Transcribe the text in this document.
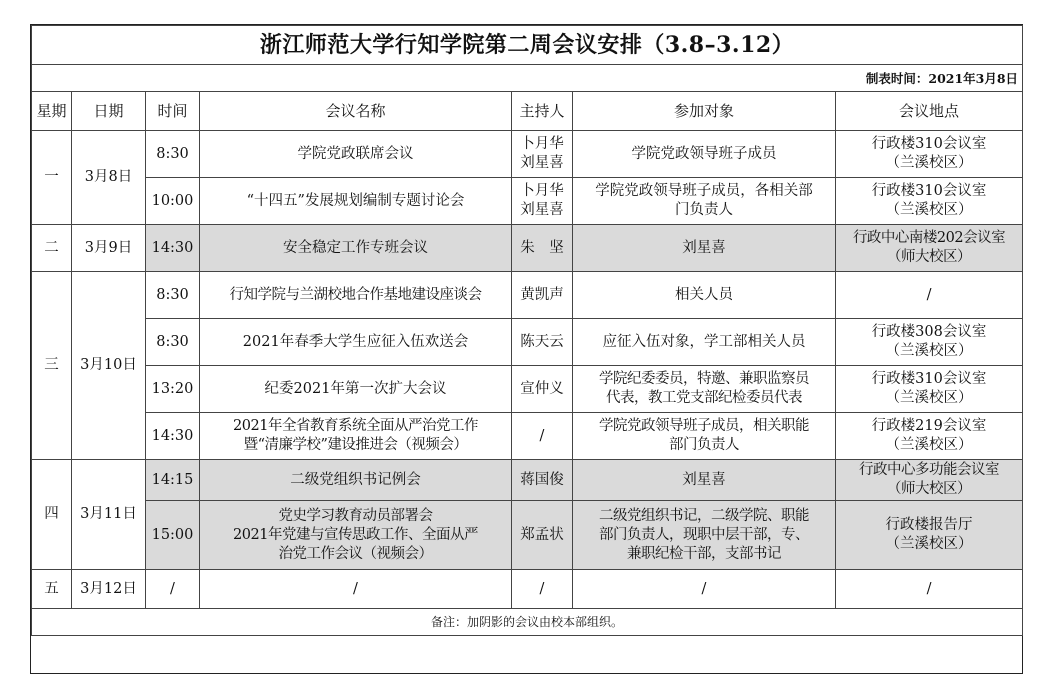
浙江师范大学行知学院第二周会议安排（3.8–3.12）						
制表时间：2021年3月8日						
星期	日期	时间	会议名称	主持人	参加对象	会议地点
一	3月8日	8:30	学院党政联席会议	卜月华
刘星喜	学院党政领导班子成员	行政楼310会议室
（兰溪校区）

		10:00	“十四五”发展规划编制专题讨论会	卜月华
刘星喜	学院党政领导班子成员，各相关部
门负责人	行政楼310会议室
（兰溪校区）

二	3月9日	14:30	安全稳定工作专班会议	朱　坚	刘星喜	行政中心南楼202会议室
（师大校区）

三	3月10日	8:30	行知学院与兰湖校地合作基地建设座谈会	黄凯声	相关人员	/

		8:30	2021年春季大学生应征入伍欢送会	陈天云	应征入伍对象，学工部相关人员	行政楼308会议室
（兰溪校区）

		13:20	纪委2021年第一次扩大会议	宣仲义	学院纪委委员，特邀、兼职监察员
代表，教工党支部纪检委员代表	行政楼310会议室
（兰溪校区）

		14:30	2021年全省教育系统全面从严治党工作
暨“清廉学校”建设推进会（视频会）	/	学院党政领导班子成员，相关职能
部门负责人	行政楼219会议室
（兰溪校区）

四	3月11日	14:15	二级党组织书记例会	蒋国俊	刘星喜	行政中心多功能会议室
（师大校区）

		15:00	党史学习教育动员部署会
2021年党建与宣传思政工作、全面从严
治党工作会议（视频会）	郑孟状	二级党组织书记，二级学院、职能
部门负责人，现职中层干部，专、
兼职纪检干部，支部书记	行政楼报告厅
（兰溪校区）

五	3月12日	/	/	/	/	/

备注：加阴影的会议由校本部组织。						
